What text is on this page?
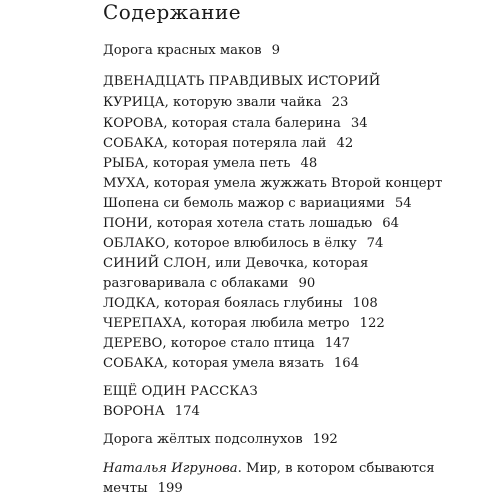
Содержание
Дорога красных маков 9
ДВЕНАДЦАТЬ ПРАВДИВЫХ ИСТОРИЙ
КУРИЦА, которую звали чайка 23
КОРОВА, которая стала балерина 34
СОБАКА, которая потеряла лай 42
РЫБА, которая умела петь 48
МУХА, которая умела жужжать Второй концерт
Шопена си бемоль мажор с вариациями 54
ПОНИ, которая хотела стать лошадью 64
ОБЛАКО, которое влюбилось в ёлку 74
СИНИЙ СЛОН, или Девочка, которая
разговаривала с облаками 90
ЛОДКА, которая боялась глубины 108
ЧЕРЕПАХА, которая любила метро 122
ДЕРЕВО, которое стало птица 147
СОБАКА, которая умела вязать 164
ЕЩЁ ОДИН РАССКАЗ
ВОРОНА 174
Дорога жёлтых подсолнухов 192
Наталья Игрунова. Мир, в котором сбываются
мечты 199
